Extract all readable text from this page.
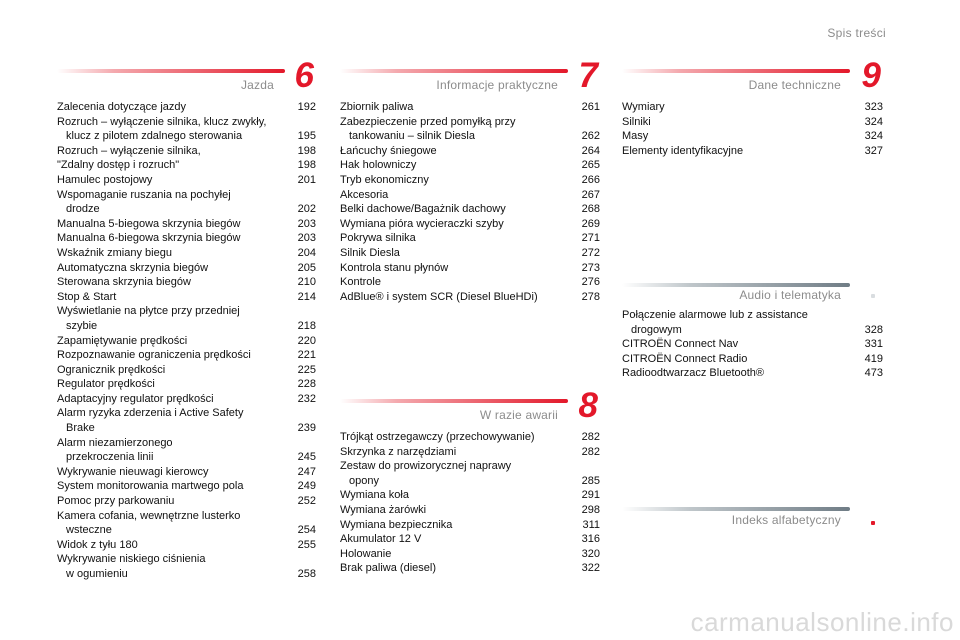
Spis treści
Jazda 6
Zalecenia dotyczące jazdy	192
Rozruch – wyłączenie silnika, klucz zwykły,
klucz z pilotem zdalnego sterowania	195
Rozruch – wyłączenie silnika,	198
"Zdalny dostęp i rozruch"	198
Hamulec postojowy	201
Wspomaganie ruszania na pochyłej
drodze	202
Manualna 5-biegowa skrzynia biegów	203
Manualna 6-biegowa skrzynia biegów	203
Wskaźnik zmiany biegu	204
Automatyczna skrzynia biegów	205
Sterowana skrzynia biegów	210
Stop & Start	214
Wyświetlanie na płytce przy przedniej
szybie	218
Zapamiętywanie prędkości	220
Rozpoznawanie ograniczenia prędkości	221
Ogranicznik prędkości	225
Regulator prędkości	228
Adaptacyjny regulator prędkości	232
Alarm ryzyka zderzenia i Active Safety
Brake	239
Alarm niezamierzonego
przekroczenia linii	245
Wykrywanie nieuwagi kierowcy	247
System monitorowania martwego pola	249
Pomoc przy parkowaniu	252
Kamera cofania, wewnętrzne lusterko
wsteczne	254
Widok z tyłu 180	255
Wykrywanie niskiego ciśnienia
w ogumieniu	258
Informacje praktyczne 7
Zbiornik paliwa	261
Zabezpieczenie przed pomyłką przy
tankowaniu – silnik Diesla	262
Łańcuchy śniegowe	264
Hak holowniczy	265
Tryb ekonomiczny	266
Akcesoria	267
Belki dachowe/Bagażnik dachowy	268
Wymiana pióra wycieraczki szyby	269
Pokrywa silnika	271
Silnik Diesla	272
Kontrola stanu płynów	273
Kontrole	276
AdBlue® i system SCR (Diesel BlueHDi)	278
W razie awarii 8
Trójkąt ostrzegawczy (przechowywanie)	282
Skrzynka z narzędziami	282
Zestaw do prowizorycznej naprawy
opony	285
Wymiana koła	291
Wymiana żarówki	298
Wymiana bezpiecznika	311
Akumulator 12 V	316
Holowanie	320
Brak paliwa (diesel)	322
Dane techniczne 9
Wymiary	323
Silniki	324
Masy	324
Elementy identyfikacyjne	327
Audio i telematyka
Połączenie alarmowe lub z assistance
drogowym	328
CITROËN Connect Nav	331
CITROËN Connect Radio	419
Radioodtwarzacz Bluetooth®	473
Indeks alfabetyczny
carmanualsonline.info
